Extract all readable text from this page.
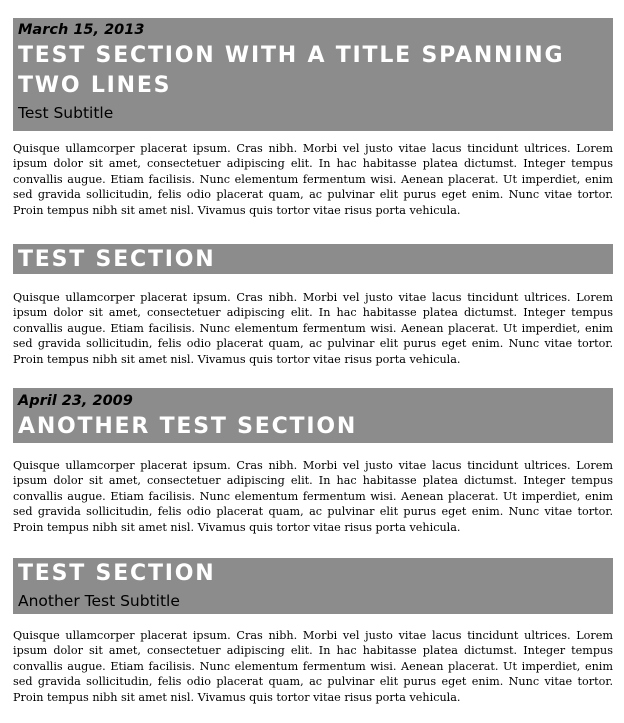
March 15, 2013
TEST SECTION WITH A TITLE SPANNING TWO LINES
Test Subtitle

Quisque ullamcorper placerat ipsum. Cras nibh. Morbi vel justo vitae lacus tincidunt ultrices. Lorem ipsum dolor sit amet, consectetuer adipiscing elit. In hac habitasse platea dictumst. Integer tempus convallis augue. Etiam facilisis. Nunc elementum fermentum wisi. Aenean placerat. Ut imperdiet, enim sed gravida sollicitudin, felis odio placerat quam, ac pulvinar elit purus eget enim. Nunc vitae tortor. Proin tempus nibh sit amet nisl. Vivamus quis tortor vitae risus porta vehicula.

TEST SECTION

Quisque ullamcorper placerat ipsum. Cras nibh. Morbi vel justo vitae lacus tincidunt ultrices. Lorem ipsum dolor sit amet, consectetuer adipiscing elit. In hac habitasse platea dictumst. Integer tempus convallis augue. Etiam facilisis. Nunc elementum fermentum wisi. Aenean placerat. Ut imperdiet, enim sed gravida sollicitudin, felis odio placerat quam, ac pulvinar elit purus eget enim. Nunc vitae tortor. Proin tempus nibh sit amet nisl. Vivamus quis tortor vitae risus porta vehicula.

April 23, 2009
ANOTHER TEST SECTION

Quisque ullamcorper placerat ipsum. Cras nibh. Morbi vel justo vitae lacus tincidunt ultrices. Lorem ipsum dolor sit amet, consectetuer adipiscing elit. In hac habitasse platea dictumst. Integer tempus convallis augue. Etiam facilisis. Nunc elementum fermentum wisi. Aenean placerat. Ut imperdiet, enim sed gravida sollicitudin, felis odio placerat quam, ac pulvinar elit purus eget enim. Nunc vitae tortor. Proin tempus nibh sit amet nisl. Vivamus quis tortor vitae risus porta vehicula.

TEST SECTION
Another Test Subtitle

Quisque ullamcorper placerat ipsum. Cras nibh. Morbi vel justo vitae lacus tincidunt ultrices. Lorem ipsum dolor sit amet, consectetuer adipiscing elit. In hac habitasse platea dictumst. Integer tempus convallis augue. Etiam facilisis. Nunc elementum fermentum wisi. Aenean placerat. Ut imperdiet, enim sed gravida sollicitudin, felis odio placerat quam, ac pulvinar elit purus eget enim. Nunc vitae tortor. Proin tempus nibh sit amet nisl. Vivamus quis tortor vitae risus porta vehicula.
